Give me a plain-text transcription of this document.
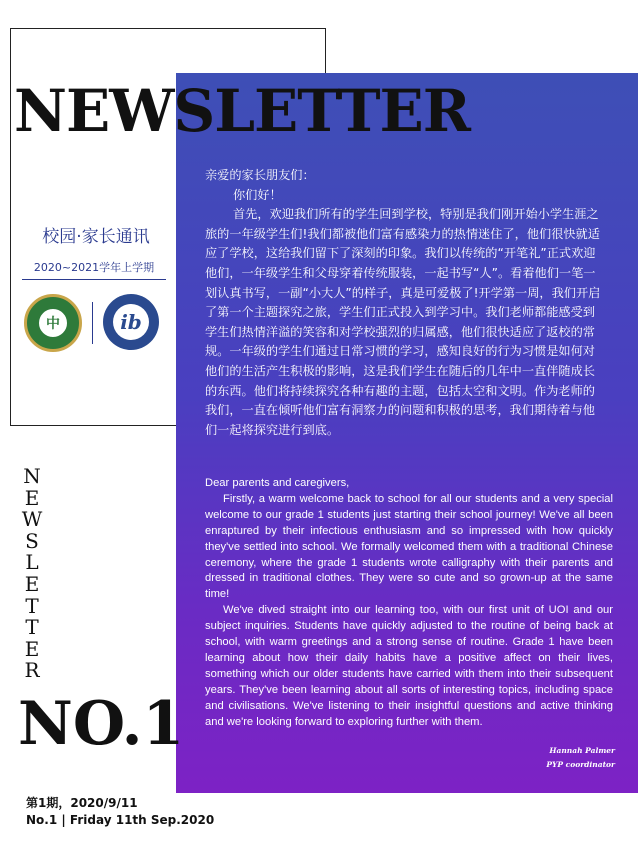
NEWSLETTER
校园·家长通讯
2020~2021学年上学期
中	ib
N
E
W
S
L
E
T
T
E
R
NO.1
第1期，2020/9/11
No.1 | Friday 11th Sep.2020

亲爱的家长朋友们：

你们好！

首先，欢迎我们所有的学生回到学校，特别是我们刚开始小学生涯之旅的一年级学生们!我们都被他们富有感染力的热情迷住了，他们很快就适应了学校，这给我们留下了深刻的印象。我们以传统的“开笔礼”正式欢迎他们，一年级学生和父母穿着传统服装，一起书写“人”。看着他们一笔一划认真书写，一副“小大人”的样子，真是可爱极了!开学第一周，我们开启了第一个主题探究之旅，学生们正式投入到学习中。我们老师都能感受到学生们热情洋溢的笑容和对学校强烈的归属感，他们很快适应了返校的常规。一年级的学生们通过日常习惯的学习，感知良好的行为习惯是如何对他们的生活产生积极的影响，这是我们学生在随后的几年中一直伴随成长的东西。他们将持续探究各种有趣的主题，包括太空和文明。作为老师的我们，一直在倾听他们富有洞察力的问题和积极的思考，我们期待着与他们一起将探究进行到底。

Dear parents and caregivers,

Firstly, a warm welcome back to school for all our students and a very special welcome to our grade 1 students just starting their school journey! We've all been enraptured by their infectious enthusiasm and so impressed with how quickly they've settled into school. We formally welcomed them with a traditional Chinese ceremony, where the grade 1 students wrote calligraphy with their parents and dressed in traditional clothes. They were so cute and so grown-up at the same time!

We've dived straight into our learning too, with our first unit of UOI and our subject inquiries. Students have quickly adjusted to the routine of being back at school, with warm greetings and a strong sense of routine. Grade 1 have been learning about how their daily habits have a positive affect on their lives, something which our older students have carried with them into their subsequent years. They've been learning about all sorts of interesting topics, including space and civilisations. We've listening to their insightful questions and active thinking and we're looking forward to exploring further with them.

Hannah Palmer
PYP coordinator
